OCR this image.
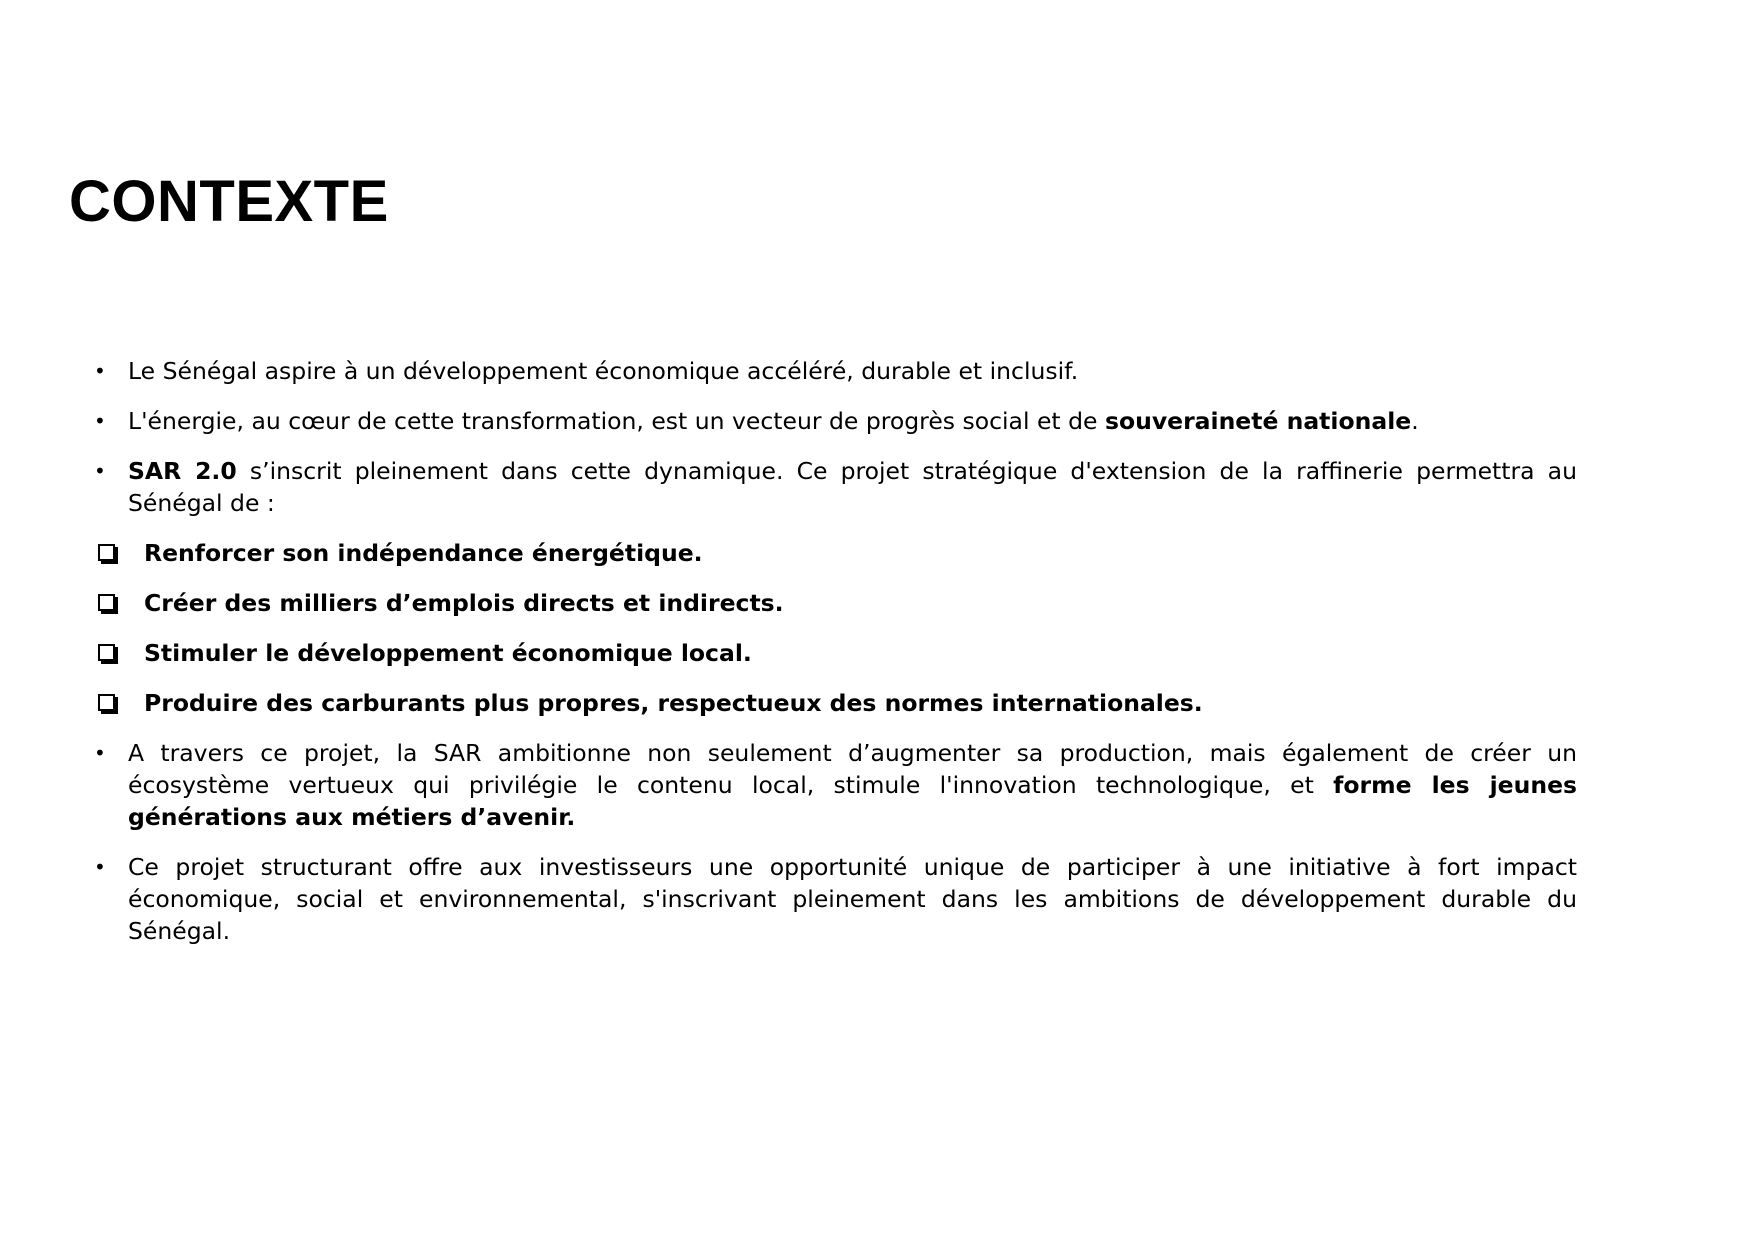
CONTEXTE
• Le Sénégal aspire à un développement économique accéléré, durable et inclusif.
• L'énergie, au cœur de cette transformation, est un vecteur de progrès social et de souveraineté nationale.
• SAR 2.0 s’inscrit pleinement dans cette dynamique. Ce projet stratégique d'extension de la raffinerie permettra au Sénégal de :
Renforcer son indépendance énergétique.
Créer des milliers d’emplois directs et indirects.
Stimuler le développement économique local.
Produire des carburants plus propres, respectueux des normes internationales.
• A travers ce projet, la SAR ambitionne non seulement d’augmenter sa production, mais également de créer un écosystème vertueux qui privilégie le contenu local, stimule l'innovation technologique, et forme les jeunes générations aux métiers d’avenir.
• Ce projet structurant offre aux investisseurs une opportunité unique de participer à une initiative à fort impact économique, social et environnemental, s'inscrivant pleinement dans les ambitions de développement durable du Sénégal.
